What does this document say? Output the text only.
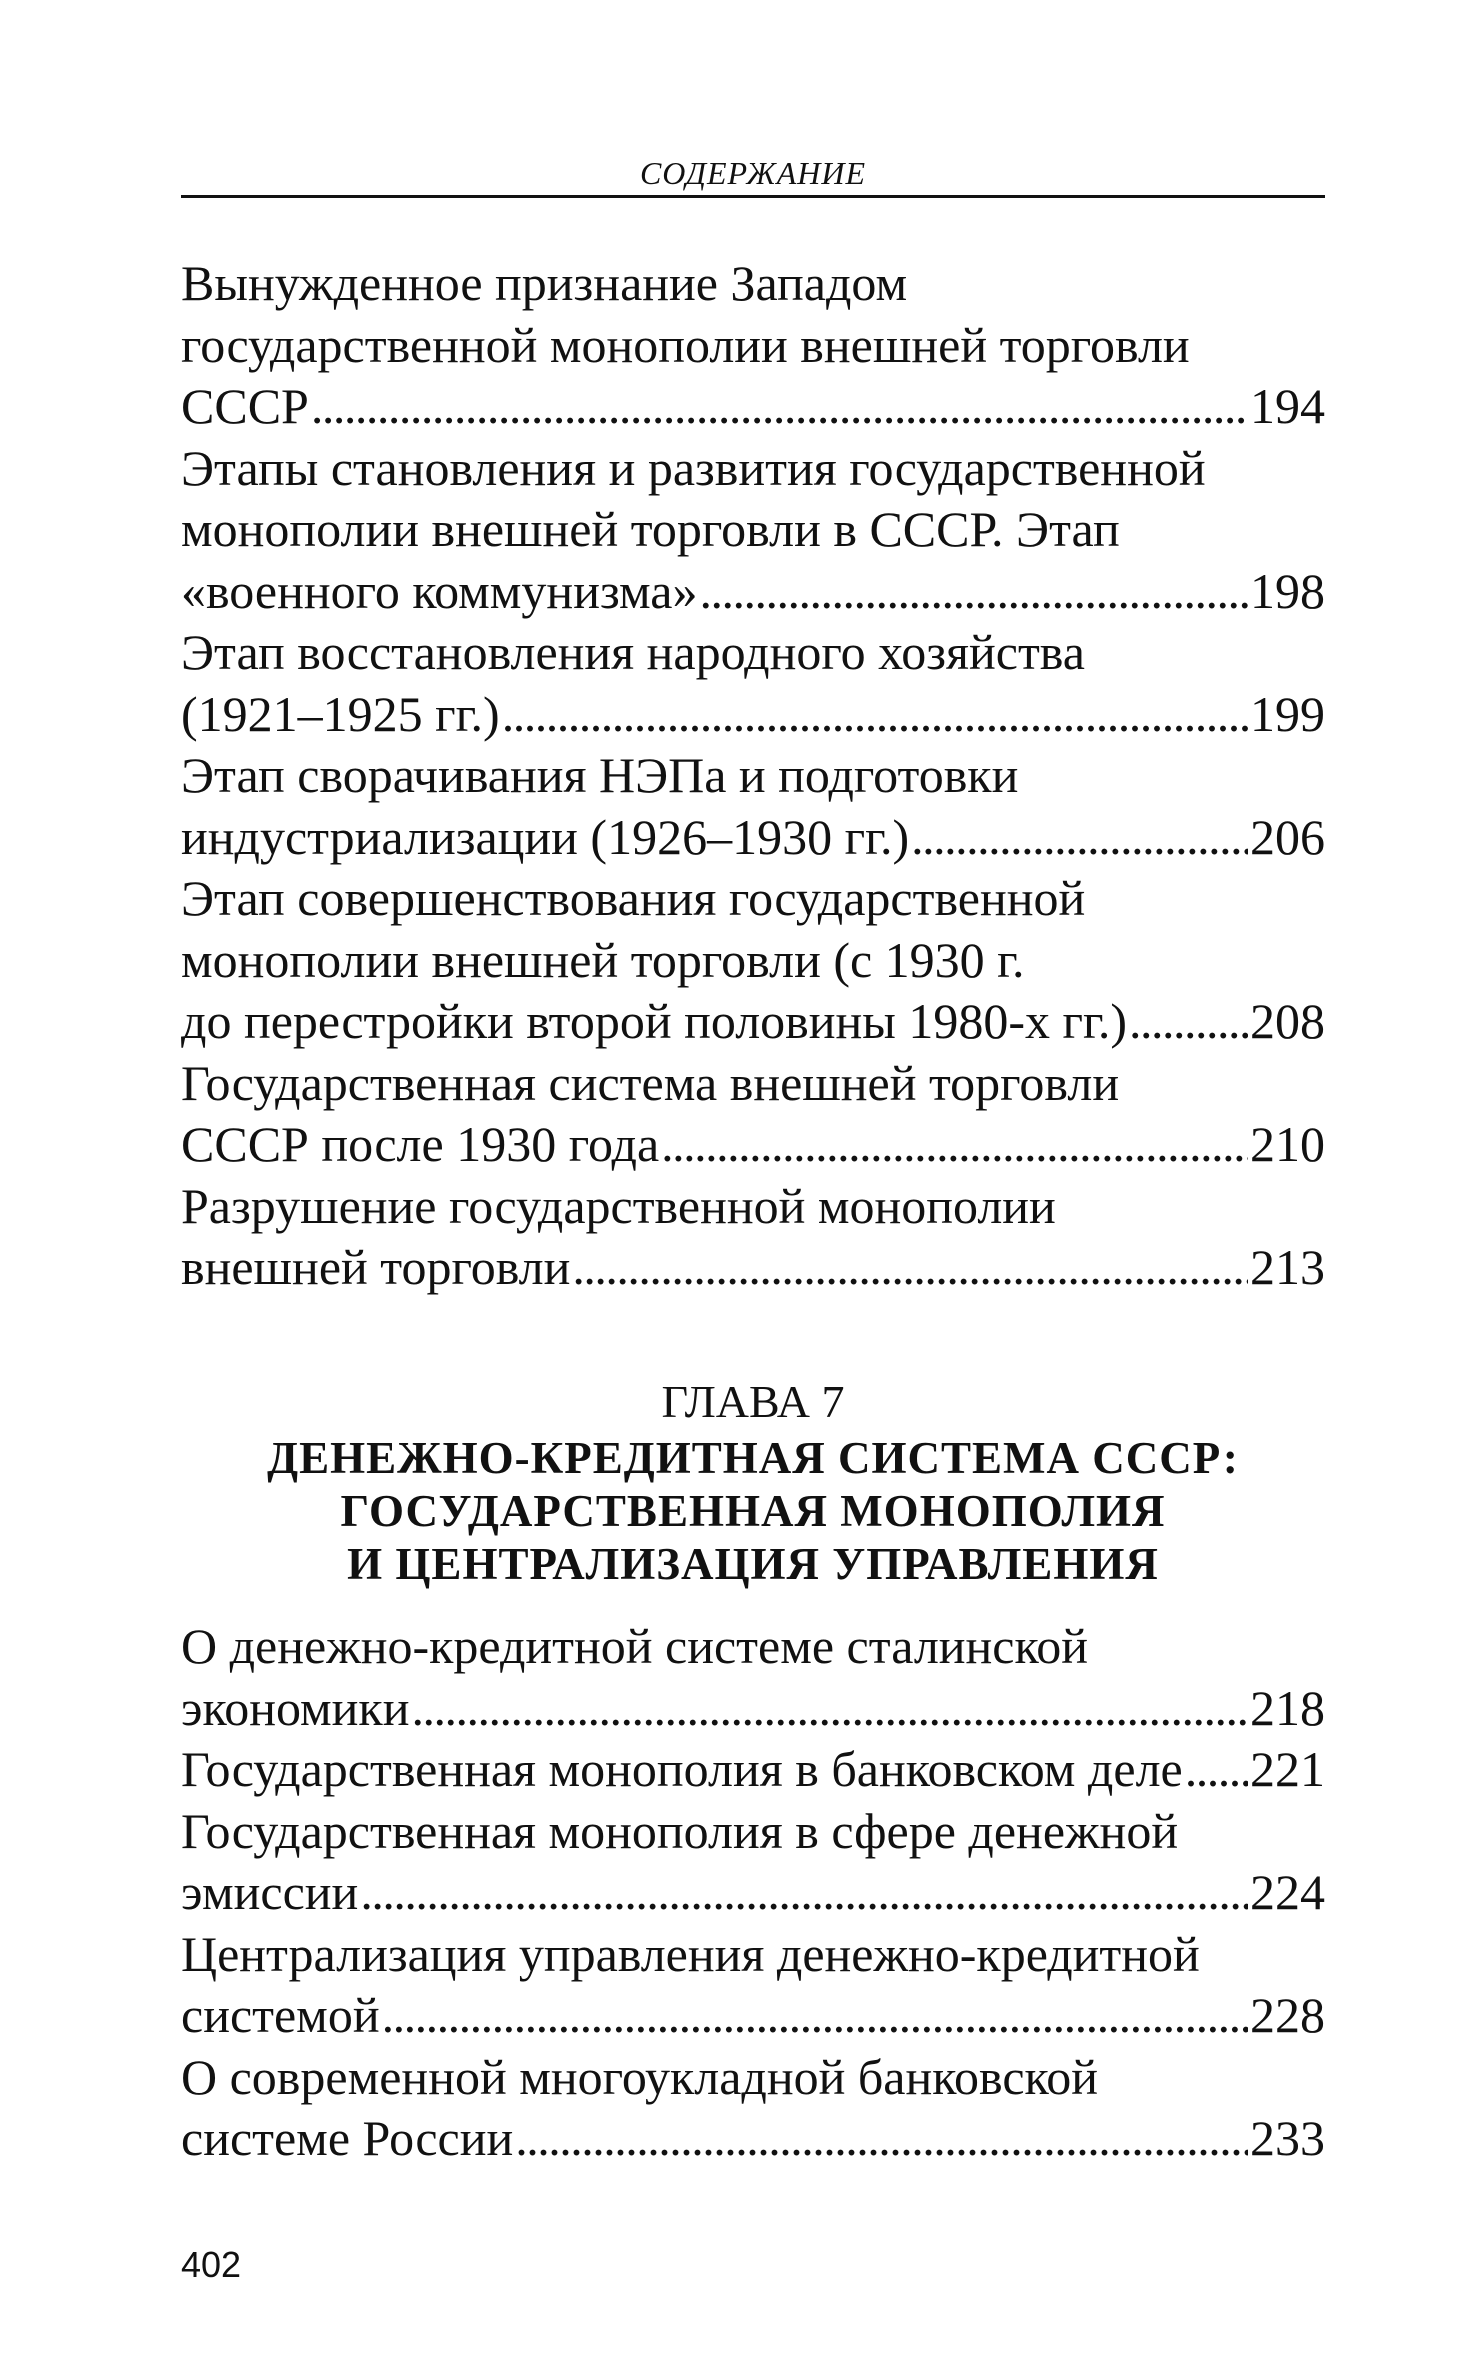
СОДЕРЖАНИЕ
Вынужденное признание Западом
государственной монополии внешней торговли
СССР . . .	194
Этапы становления и развития государственной
монополии внешней торговли в СССР. Этап
«военного коммунизма» . . .	198
Этап восстановления народного хозяйства
(1921–1925 гг.) . . .	199
Этап сворачивания НЭПа и подготовки
индустриализации (1926–1930 гг.) . . .	206
Этап совершенствования государственной
монополии внешней торговли (с 1930 г.
до перестройки второй половины 1980-х гг.) . . . 208
Государственная система внешней торговли
СССР после 1930 года . . .	210
Разрушение государственной монополии
внешней торговли . . .	213
ГЛАВА 7
ДЕНЕЖНО-КРЕДИТНАЯ СИСТЕМА СССР:
ГОСУДАРСТВЕННАЯ МОНОПОЛИЯ
И ЦЕНТРАЛИЗАЦИЯ УПРАВЛЕНИЯ
О денежно-кредитной системе сталинской
экономики . . .	218
Государственная монополия в банковском деле . . . 221
Государственная монополия в сфере денежной
эмиссии . . .	224
Централизация управления денежно-кредитной
системой . . .	228
О современной многоукладной банковской
системе России . . .	233
402
